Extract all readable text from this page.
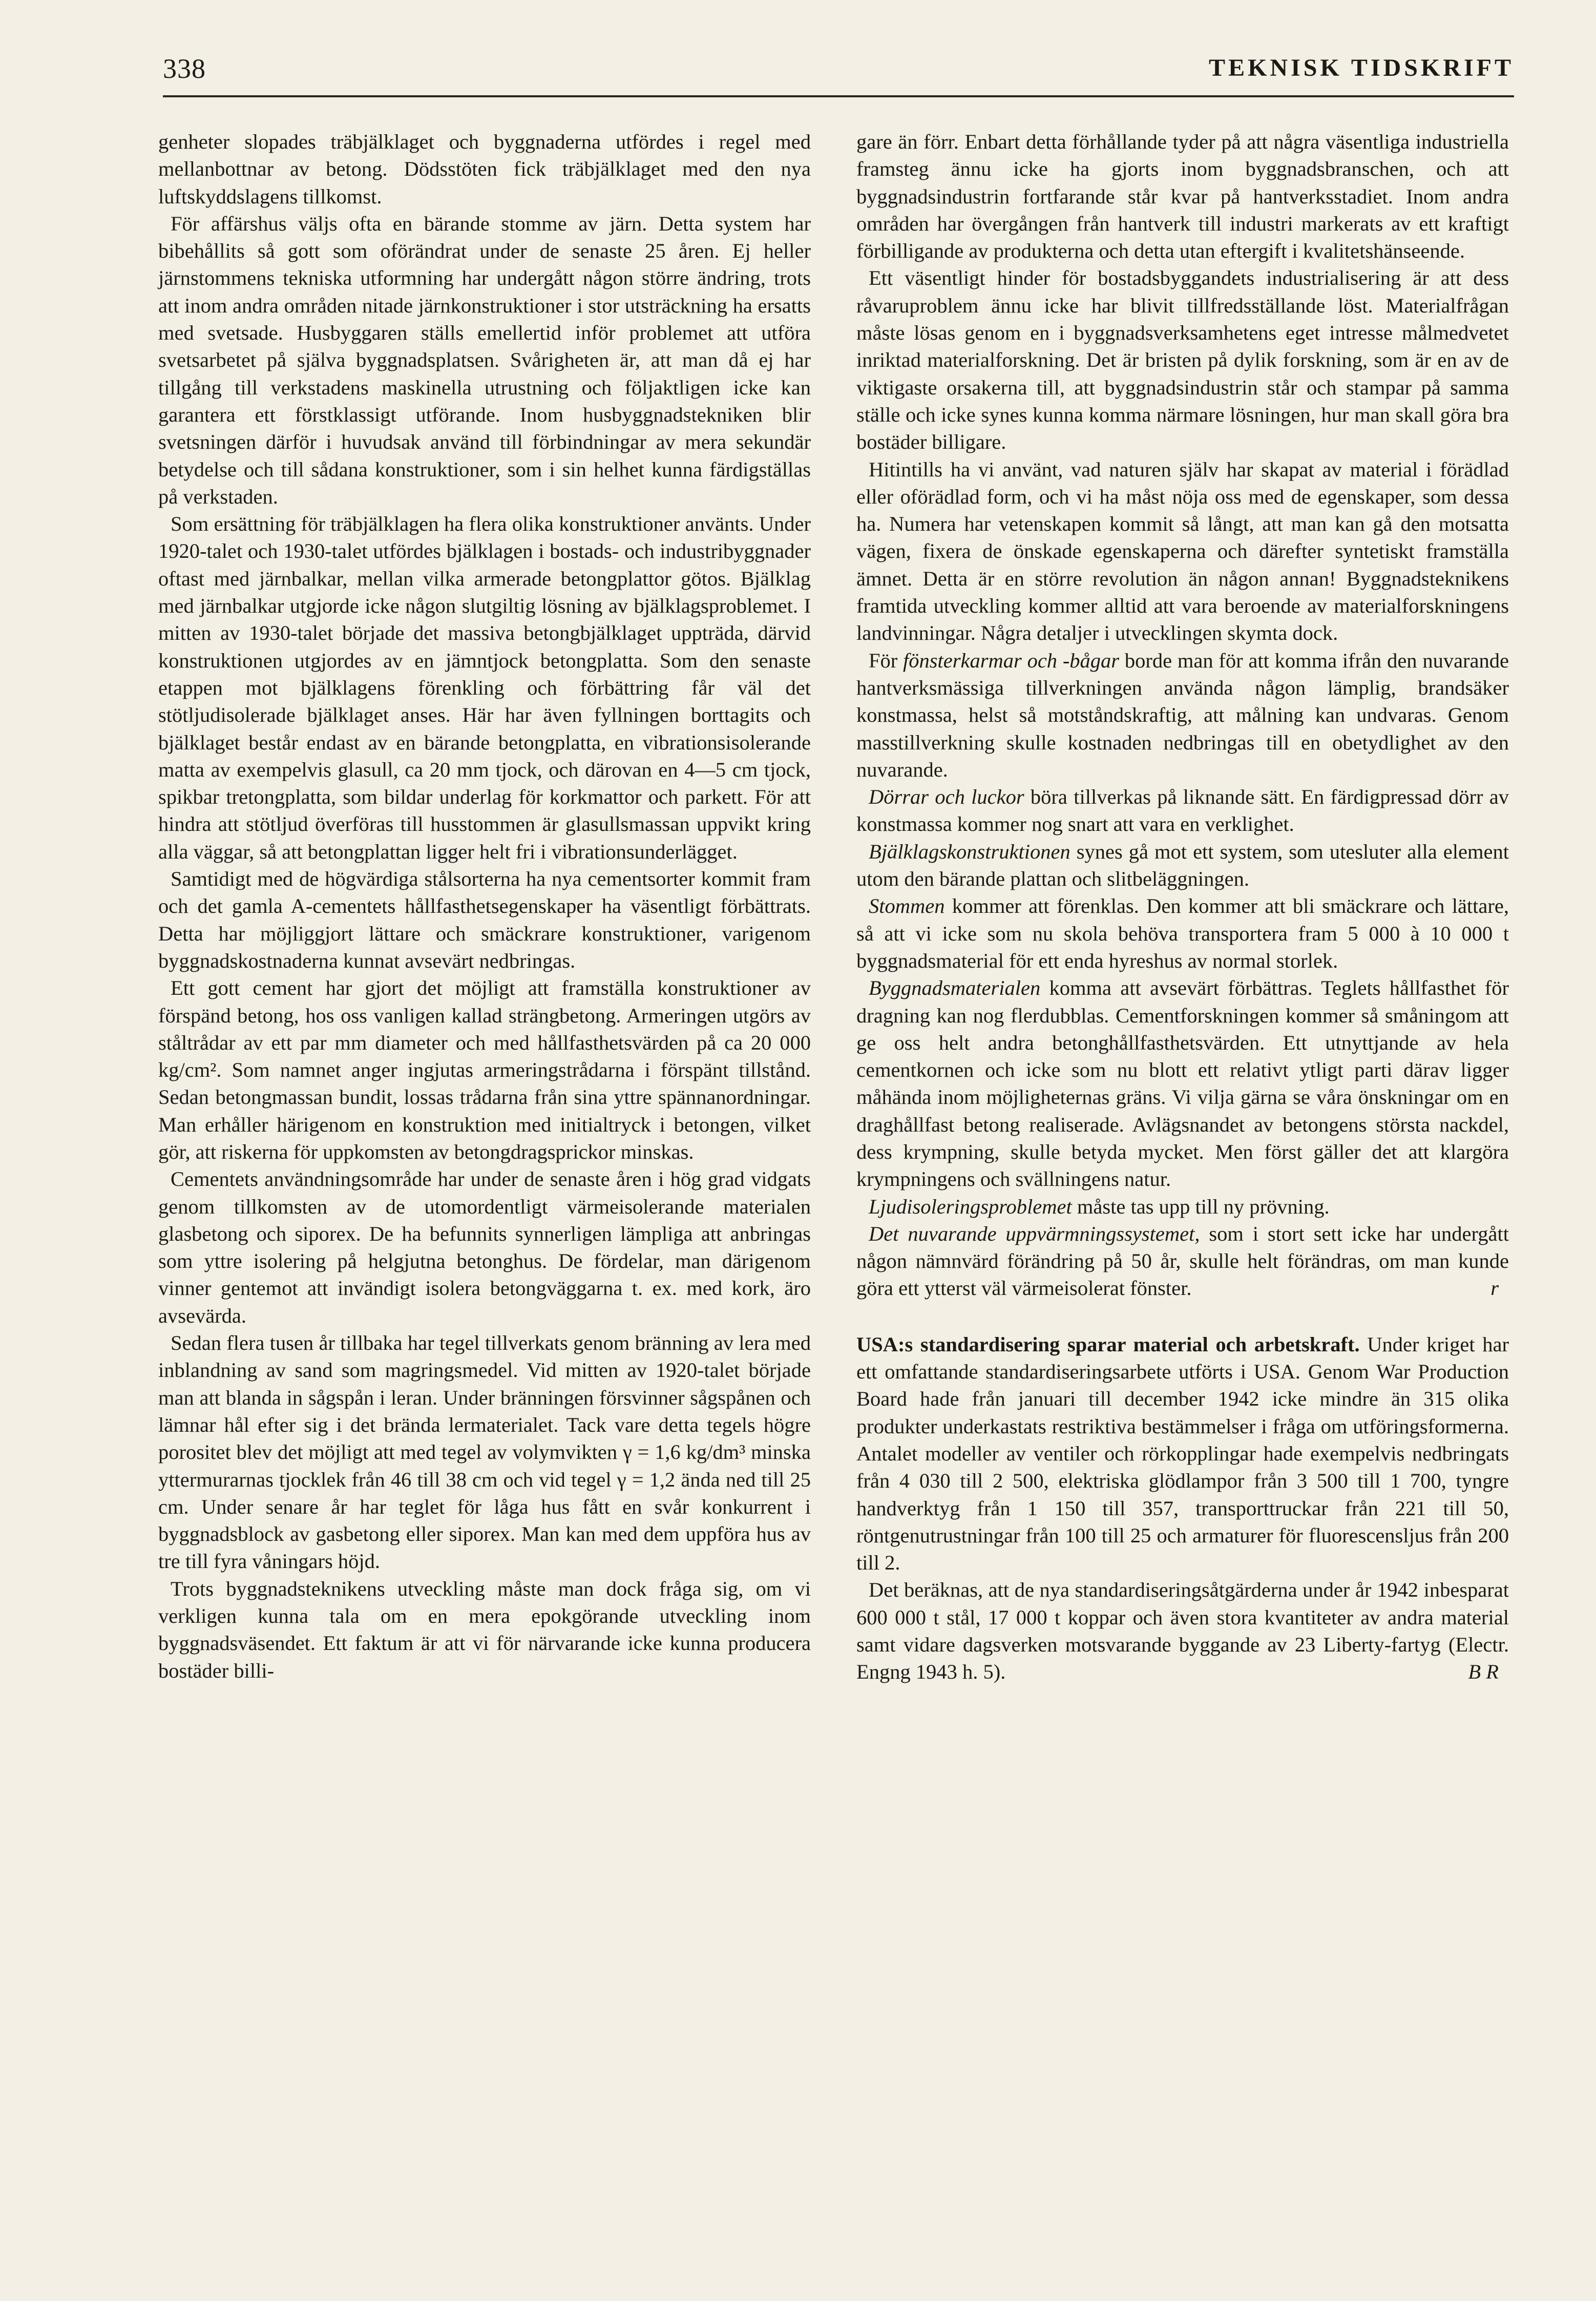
338	TEKNISK TIDSKRIFT

genheter slopades träbjälklaget och byggnaderna utfördes i regel med mellanbottnar av betong. Dödsstöten fick träbjälklaget med den nya luftskyddslagens tillkomst.

För affärshus väljs ofta en bärande stomme av järn. Detta system har bibehållits så gott som oförändrat under de senaste 25 åren. Ej heller järnstommens tekniska utformning har undergått någon större ändring, trots att inom andra områden nitade järnkonstruktioner i stor utsträckning ha ersatts med svetsade. Husbyggaren ställs emellertid inför problemet att utföra svetsarbetet på själva byggnadsplatsen. Svårigheten är, att man då ej har tillgång till verkstadens maskinella utrustning och följaktligen icke kan garantera ett förstklassigt utförande. Inom husbyggnadstekniken blir svetsningen därför i huvudsak använd till förbindningar av mera sekundär betydelse och till sådana konstruktioner, som i sin helhet kunna färdigställas på verkstaden.

Som ersättning för träbjälklagen ha flera olika konstruktioner använts. Under 1920-talet och 1930-talet utfördes bjälklagen i bostads- och industribyggnader oftast med järnbalkar, mellan vilka armerade betongplattor götos. Bjälklag med järnbalkar utgjorde icke någon slutgiltig lösning av bjälklagsproblemet. I mitten av 1930-talet började det massiva betongbjälklaget uppträda, därvid konstruktionen utgjordes av en jämntjock betongplatta. Som den senaste etappen mot bjälklagens förenkling och förbättring får väl det stötljudisolerade bjälklaget anses. Här har även fyllningen borttagits och bjälklaget består endast av en bärande betongplatta, en vibrationsisolerande matta av exempelvis glasull, ca 20 mm tjock, och därovan en 4—5 cm tjock, spikbar tretongplatta, som bildar underlag för korkmattor och parkett. För att hindra att stötljud överföras till husstommen är glasullsmassan uppvikt kring alla väggar, så att betongplattan ligger helt fri i vibrationsunderlägget.

Samtidigt med de högvärdiga stålsorterna ha nya cementsorter kommit fram och det gamla A-cementets hållfasthetsegenskaper ha väsentligt förbättrats. Detta har möjliggjort lättare och smäckrare konstruktioner, varigenom byggnadskostnaderna kunnat avsevärt nedbringas.

Ett gott cement har gjort det möjligt att framställa konstruktioner av förspänd betong, hos oss vanligen kallad strängbetong. Armeringen utgörs av ståltrådar av ett par mm diameter och med hållfasthetsvärden på ca 20 000 kg/cm². Som namnet anger ingjutas armeringstrådarna i förspänt tillstånd. Sedan betongmassan bundit, lossas trådarna från sina yttre spännanordningar. Man erhåller härigenom en konstruktion med initialtryck i betongen, vilket gör, att riskerna för uppkomsten av betongdragsprickor minskas.

Cementets användningsområde har under de senaste åren i hög grad vidgats genom tillkomsten av de utomordentligt värmeisolerande materialen glasbetong och siporex. De ha befunnits synnerligen lämpliga att anbringas som yttre isolering på helgjutna betonghus. De fördelar, man därigenom vinner gentemot att invändigt isolera betongväggarna t. ex. med kork, äro avsevärda.

Sedan flera tusen år tillbaka har tegel tillverkats genom bränning av lera med inblandning av sand som magringsmedel. Vid mitten av 1920-talet började man att blanda in sågspån i leran. Under bränningen försvinner sågspånen och lämnar hål efter sig i det brända lermaterialet. Tack vare detta tegels högre porositet blev det möjligt att med tegel av volymvikten γ = 1,6 kg/dm³ minska yttermurarnas tjocklek från 46 till 38 cm och vid tegel γ = 1,2 ända ned till 25 cm. Under senare år har teglet för låga hus fått en svår konkurrent i byggnadsblock av gasbetong eller siporex. Man kan med dem uppföra hus av tre till fyra våningars höjd.

Trots byggnadsteknikens utveckling måste man dock fråga sig, om vi verkligen kunna tala om en mera epokgörande utveckling inom byggnadsväsendet. Ett faktum är att vi för närvarande icke kunna producera bostäder billi-

gare än förr. Enbart detta förhållande tyder på att några väsentliga industriella framsteg ännu icke ha gjorts inom byggnadsbranschen, och att byggnadsindustrin fortfarande står kvar på hantverksstadiet. Inom andra områden har övergången från hantverk till industri markerats av ett kraftigt förbilligande av produkterna och detta utan eftergift i kvalitetshänseende.

Ett väsentligt hinder för bostadsbyggandets industrialisering är att dess råvaruproblem ännu icke har blivit tillfredsställande löst. Materialfrågan måste lösas genom en i byggnadsverksamhetens eget intresse målmedvetet inriktad materialforskning. Det är bristen på dylik forskning, som är en av de viktigaste orsakerna till, att byggnadsindustrin står och stampar på samma ställe och icke synes kunna komma närmare lösningen, hur man skall göra bra bostäder billigare.

Hitintills ha vi använt, vad naturen själv har skapat av material i förädlad eller oförädlad form, och vi ha måst nöja oss med de egenskaper, som dessa ha. Numera har vetenskapen kommit så långt, att man kan gå den motsatta vägen, fixera de önskade egenskaperna och därefter syntetiskt framställa ämnet. Detta är en större revolution än någon annan! Byggnadsteknikens framtida utveckling kommer alltid att vara beroende av materialforskningens landvinningar. Några detaljer i utvecklingen skymta dock.

För fönsterkarmar och -bågar borde man för att komma ifrån den nuvarande hantverksmässiga tillverkningen använda någon lämplig, brandsäker konstmassa, helst så motståndskraftig, att målning kan undvaras. Genom masstillverkning skulle kostnaden nedbringas till en obetydlighet av den nuvarande.

Dörrar och luckor böra tillverkas på liknande sätt. En färdigpressad dörr av konstmassa kommer nog snart att vara en verklighet.

Bjälklagskonstruktionen synes gå mot ett system, som utesluter alla element utom den bärande plattan och slitbeläggningen.

Stommen kommer att förenklas. Den kommer att bli smäckrare och lättare, så att vi icke som nu skola behöva transportera fram 5 000 à 10 000 t byggnadsmaterial för ett enda hyreshus av normal storlek.

Byggnadsmaterialen komma att avsevärt förbättras. Teglets hållfasthet för dragning kan nog flerdubblas. Cementforskningen kommer så småningom att ge oss helt andra betonghållfasthetsvärden. Ett utnyttjande av hela cementkornen och icke som nu blott ett relativt ytligt parti därav ligger måhända inom möjligheternas gräns. Vi vilja gärna se våra önskningar om en draghållfast betong realiserade. Avlägsnandet av betongens största nackdel, dess krympning, skulle betyda mycket. Men först gäller det att klargöra krympningens och svällningens natur.

Ljudisoleringsproblemet måste tas upp till ny prövning.

Det nuvarande uppvärmningssystemet, som i stort sett icke har undergått någon nämnvärd förändring på 50 år, skulle helt förändras, om man kunde göra ett ytterst väl värmeisolerat fönster.	r

USA:s standardisering sparar material och arbetskraft. Under kriget har ett omfattande standardiseringsarbete utförts i USA. Genom War Production Board hade från januari till december 1942 icke mindre än 315 olika produkter underkastats restriktiva bestämmelser i fråga om utföringsformerna. Antalet modeller av ventiler och rörkopplingar hade exempelvis nedbringats från 4 030 till 2 500, elektriska glödlampor från 3 500 till 1 700, tyngre handverktyg från 1 150 till 357, transporttruckar från 221 till 50, röntgenutrustningar från 100 till 25 och armaturer för fluorescensljus från 200 till 2.

Det beräknas, att de nya standardiseringsåtgärderna under år 1942 inbesparat 600 000 t stål, 17 000 t koppar och även stora kvantiteter av andra material samt vidare dagsverken motsvarande byggande av 23 Liberty-fartyg (Electr. Engng 1943 h. 5).	B R
